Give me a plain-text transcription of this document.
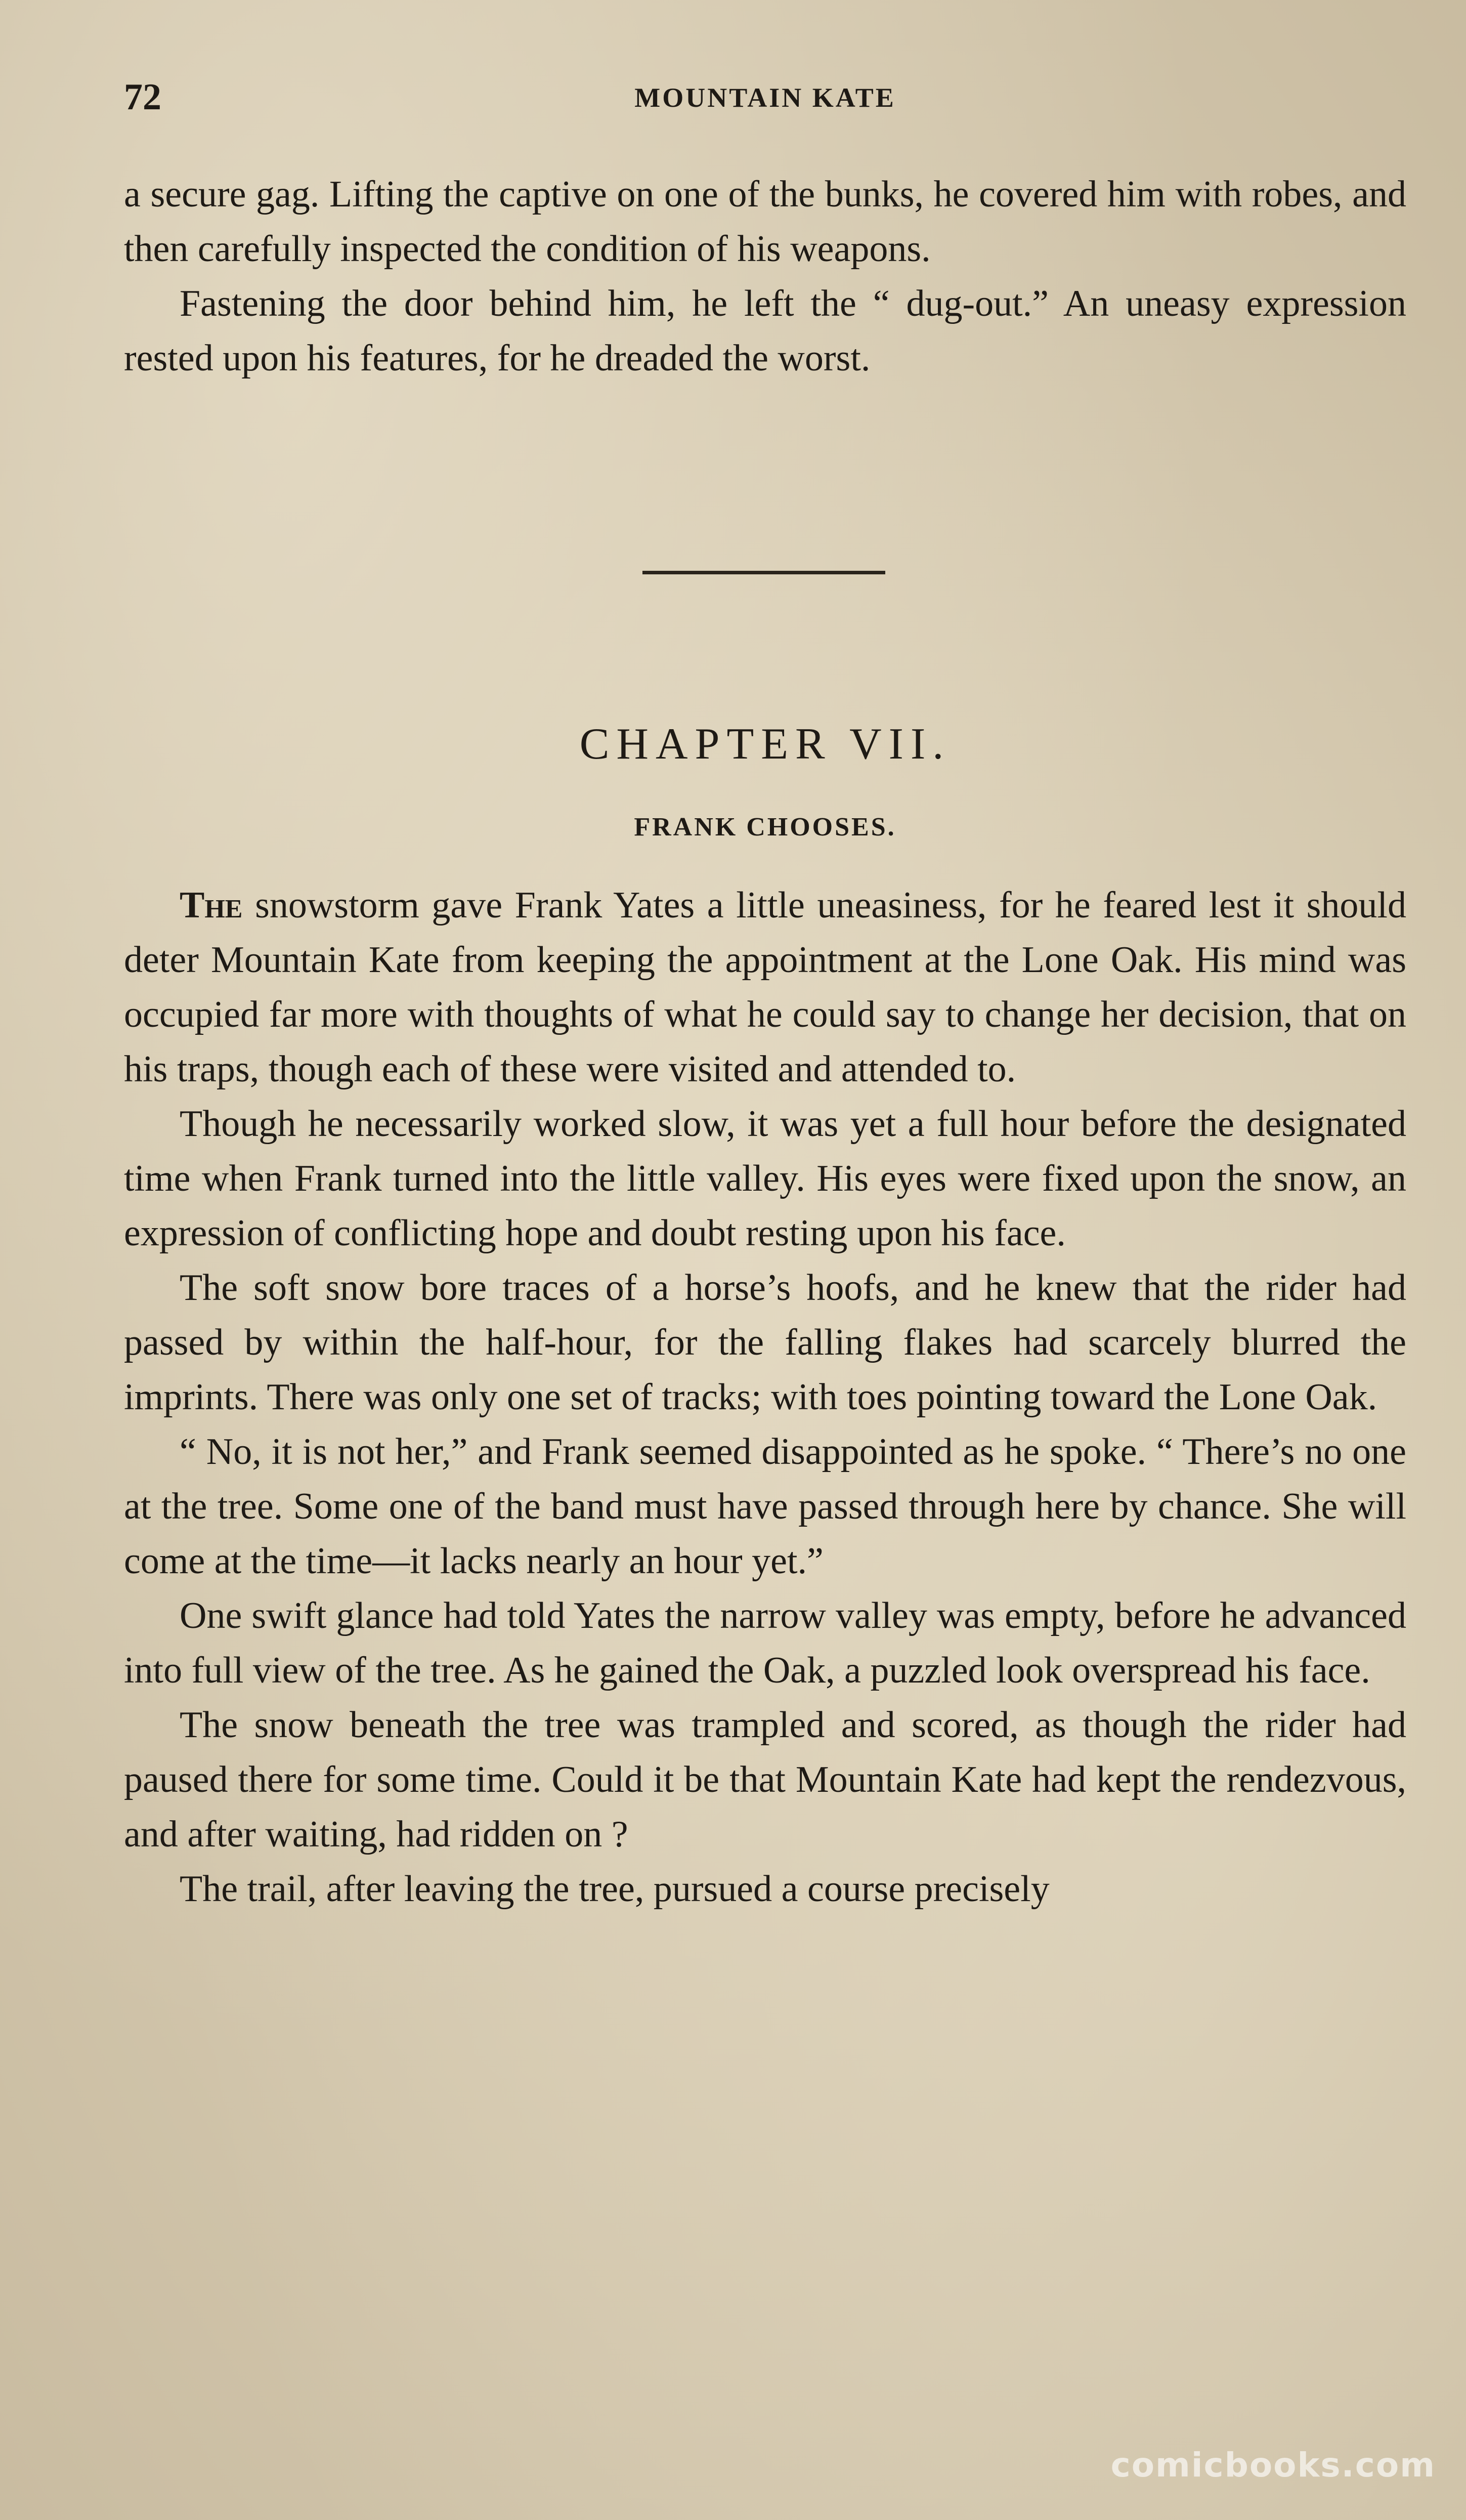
72	MOUNTAIN KATE

a secure gag. Lifting the captive on one of the bunks, he covered him with robes, and then carefully inspected the condition of his weapons.

Fastening the door behind him, he left the “ dug-out.” An uneasy expression rested upon his features, for he dreaded the worst.

CHAPTER VII.
FRANK CHOOSES.

The snowstorm gave Frank Yates a little uneasiness, for he feared lest it should deter Mountain Kate from keeping the appointment at the Lone Oak. His mind was occupied far more with thoughts of what he could say to change her decision, that on his traps, though each of these were visited and attended to.

Though he necessarily worked slow, it was yet a full hour before the designated time when Frank turned into the little valley. His eyes were fixed upon the snow, an expression of conflicting hope and doubt resting upon his face.

The soft snow bore traces of a horse’s hoofs, and he knew that the rider had passed by within the half-hour, for the falling flakes had scarcely blurred the imprints. There was only one set of tracks; with toes pointing toward the Lone Oak.

“ No, it is not her,” and Frank seemed disappointed as he spoke. “ There’s no one at the tree. Some one of the band must have passed through here by chance. She will come at the time—it lacks nearly an hour yet.”

One swift glance had told Yates the narrow valley was empty, before he advanced into full view of the tree. As he gained the Oak, a puzzled look overspread his face.

The snow beneath the tree was trampled and scored, as though the rider had paused there for some time. Could it be that Mountain Kate had kept the rendezvous, and after waiting, had ridden on ?

The trail, after leaving the tree, pursued a course precisely

comicbooks.com
